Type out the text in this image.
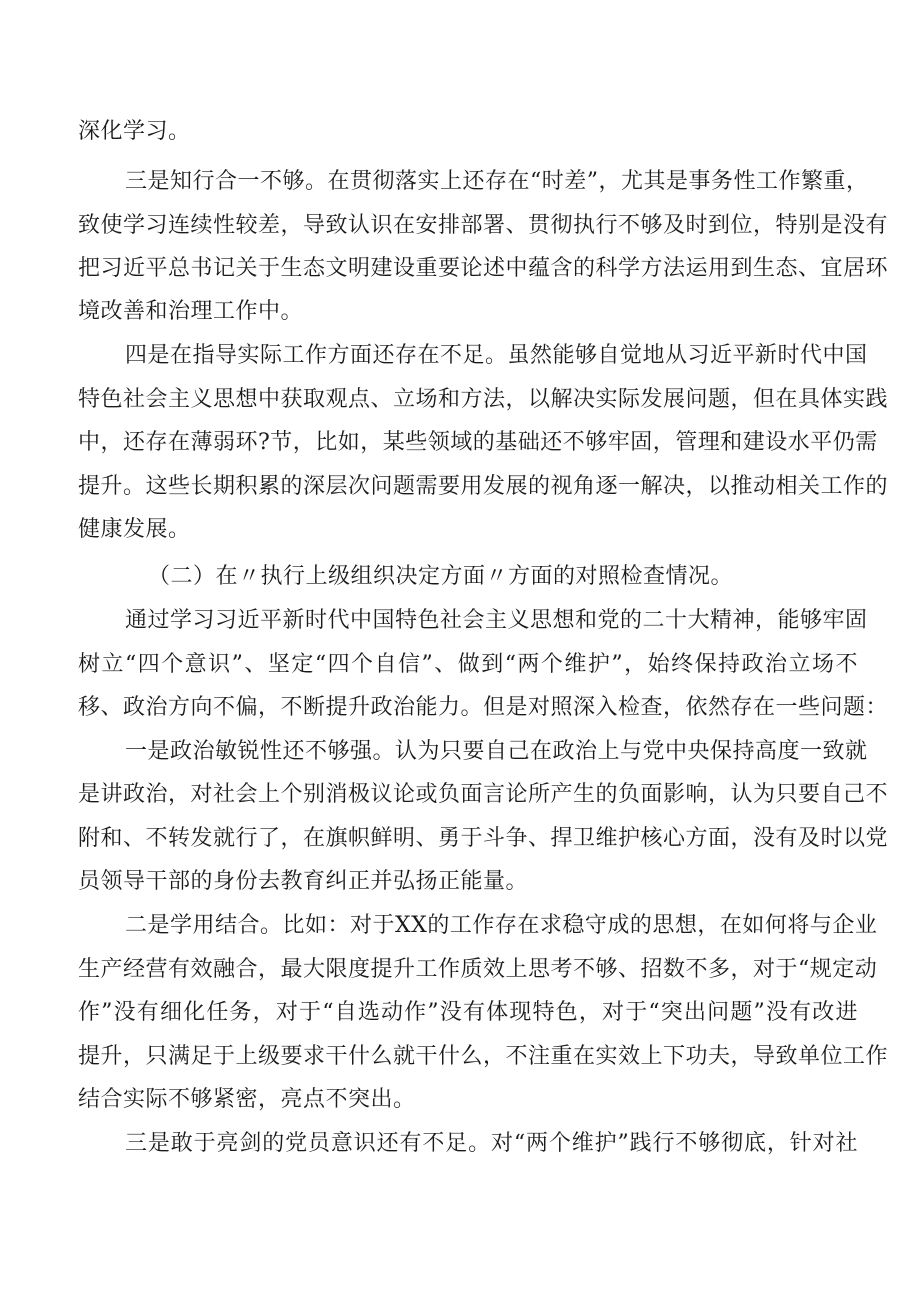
深化学习。
三是知行合一不够。在贯彻落实上还存在“时差”，尤其是事务性工作繁重，
致使学习连续性较差，导致认识在安排部署、贯彻执行不够及时到位，特别是没有
把习近平总书记关于生态文明建设重要论述中蕴含的科学方法运用到生态、宜居环
境改善和治理工作中。
四是在指导实际工作方面还存在不足。虽然能够自觉地从习近平新时代中国
特色社会主义思想中获取观点、立场和方法，以解决实际发展问题，但在具体实践
中，还存在薄弱环?节，比如，某些领域的基础还不够牢固，管理和建设水平仍需
提升。这些长期积累的深层次问题需要用发展的视角逐一解决，以推动相关工作的
健康发展。
（二）在〃执行上级组织决定方面〃方面的对照检查情况。
通过学习习近平新时代中国特色社会主义思想和党的二十大精神，能够牢固
树立“四个意识”、坚定“四个自信”、做到“两个维护”，始终保持政治立场不
移、政治方向不偏，不断提升政治能力。但是对照深入检查，依然存在一些问题：
一是政治敏锐性还不够强。认为只要自己在政治上与党中央保持高度一致就
是讲政治，对社会上个别消极议论或负面言论所产生的负面影响，认为只要自己不
附和、不转发就行了，在旗帜鲜明、勇于斗争、捍卫维护核心方面，没有及时以党
员领导干部的身份去教育纠正并弘扬正能量。
二是学用结合。比如：对于XX的工作存在求稳守成的思想，在如何将与企业
生产经营有效融合，最大限度提升工作质效上思考不够、招数不多，对于“规定动
作”没有细化任务，对于“自选动作”没有体现特色，对于“突出问题”没有改进
提升，只满足于上级要求干什么就干什么，不注重在实效上下功夫，导致单位工作
结合实际不够紧密，亮点不突出。
三是敢于亮剑的党员意识还有不足。对“两个维护”践行不够彻底，针对社
